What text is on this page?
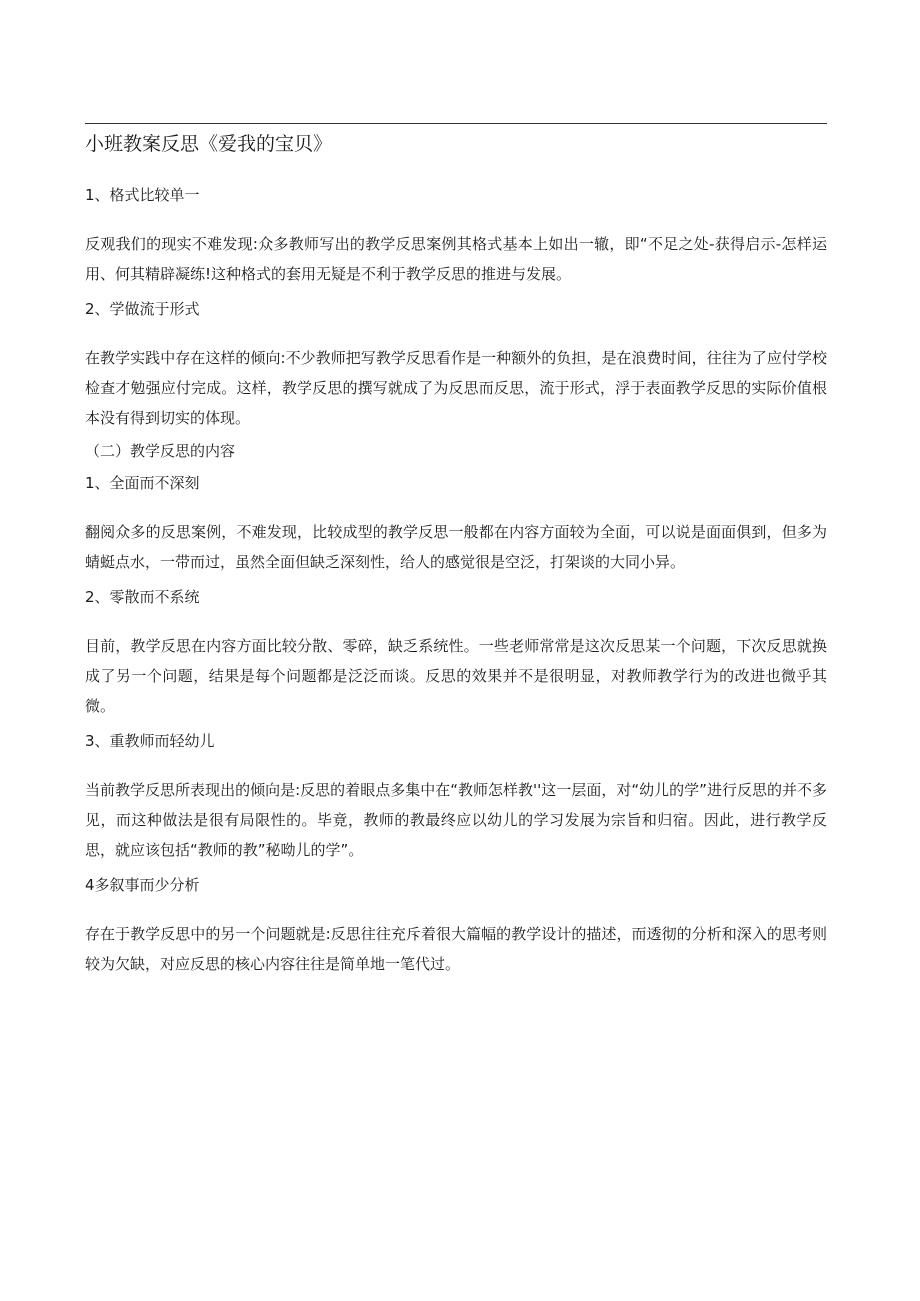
小班教案反思《爱我的宝贝》

1、格式比较单一

反观我们的现实不难发现:众多教师写出的教学反思案例其格式基本上如出一辙，即“不足之处-获得启示-怎样运用、何其精辟凝练!这种格式的套用无疑是不利于教学反思的推进与发展。

2、学做流于形式

在教学实践中存在这样的倾向:不少教师把写教学反思看作是一种额外的负担，是在浪费时间，往往为了应付学校检查才勉强应付完成。这样，教学反思的撰写就成了为反思而反思，流于形式，浮于表面教学反思的实际价值根本没有得到切实的体现。

（二）教学反思的内容

1、全面而不深刻

翻阅众多的反思案例，不难发现，比较成型的教学反思一般都在内容方面较为全面，可以说是面面俱到，但多为蜻蜓点水，一带而过，虽然全面但缺乏深刻性，给人的感觉很是空泛，打架谈的大同小异。

2、零散而不系统

目前，教学反思在内容方面比较分散、零碎，缺乏系统性。一些老师常常是这次反思某一个问题，下次反思就换成了另一个问题，结果是每个问题都是泛泛而谈。反思的效果并不是很明显，对教师教学行为的改进也微乎其微。

3、重教师而轻幼儿

当前教学反思所表现出的倾向是:反思的着眼点多集中在“教师怎样教''这一层面，对“幼儿的学”进行反思的并不多见，而这种做法是很有局限性的。毕竟，教师的教最终应以幼儿的学习发展为宗旨和归宿。因此，进行教学反思，就应该包括“教师的教”秘呦儿的学”。

4多叙事而少分析

存在于教学反思中的另一个问题就是:反思往往充斥着很大篇幅的教学设计的描述，而透彻的分析和深入的思考则较为欠缺，对应反思的核心内容往往是简单地一笔代过。
